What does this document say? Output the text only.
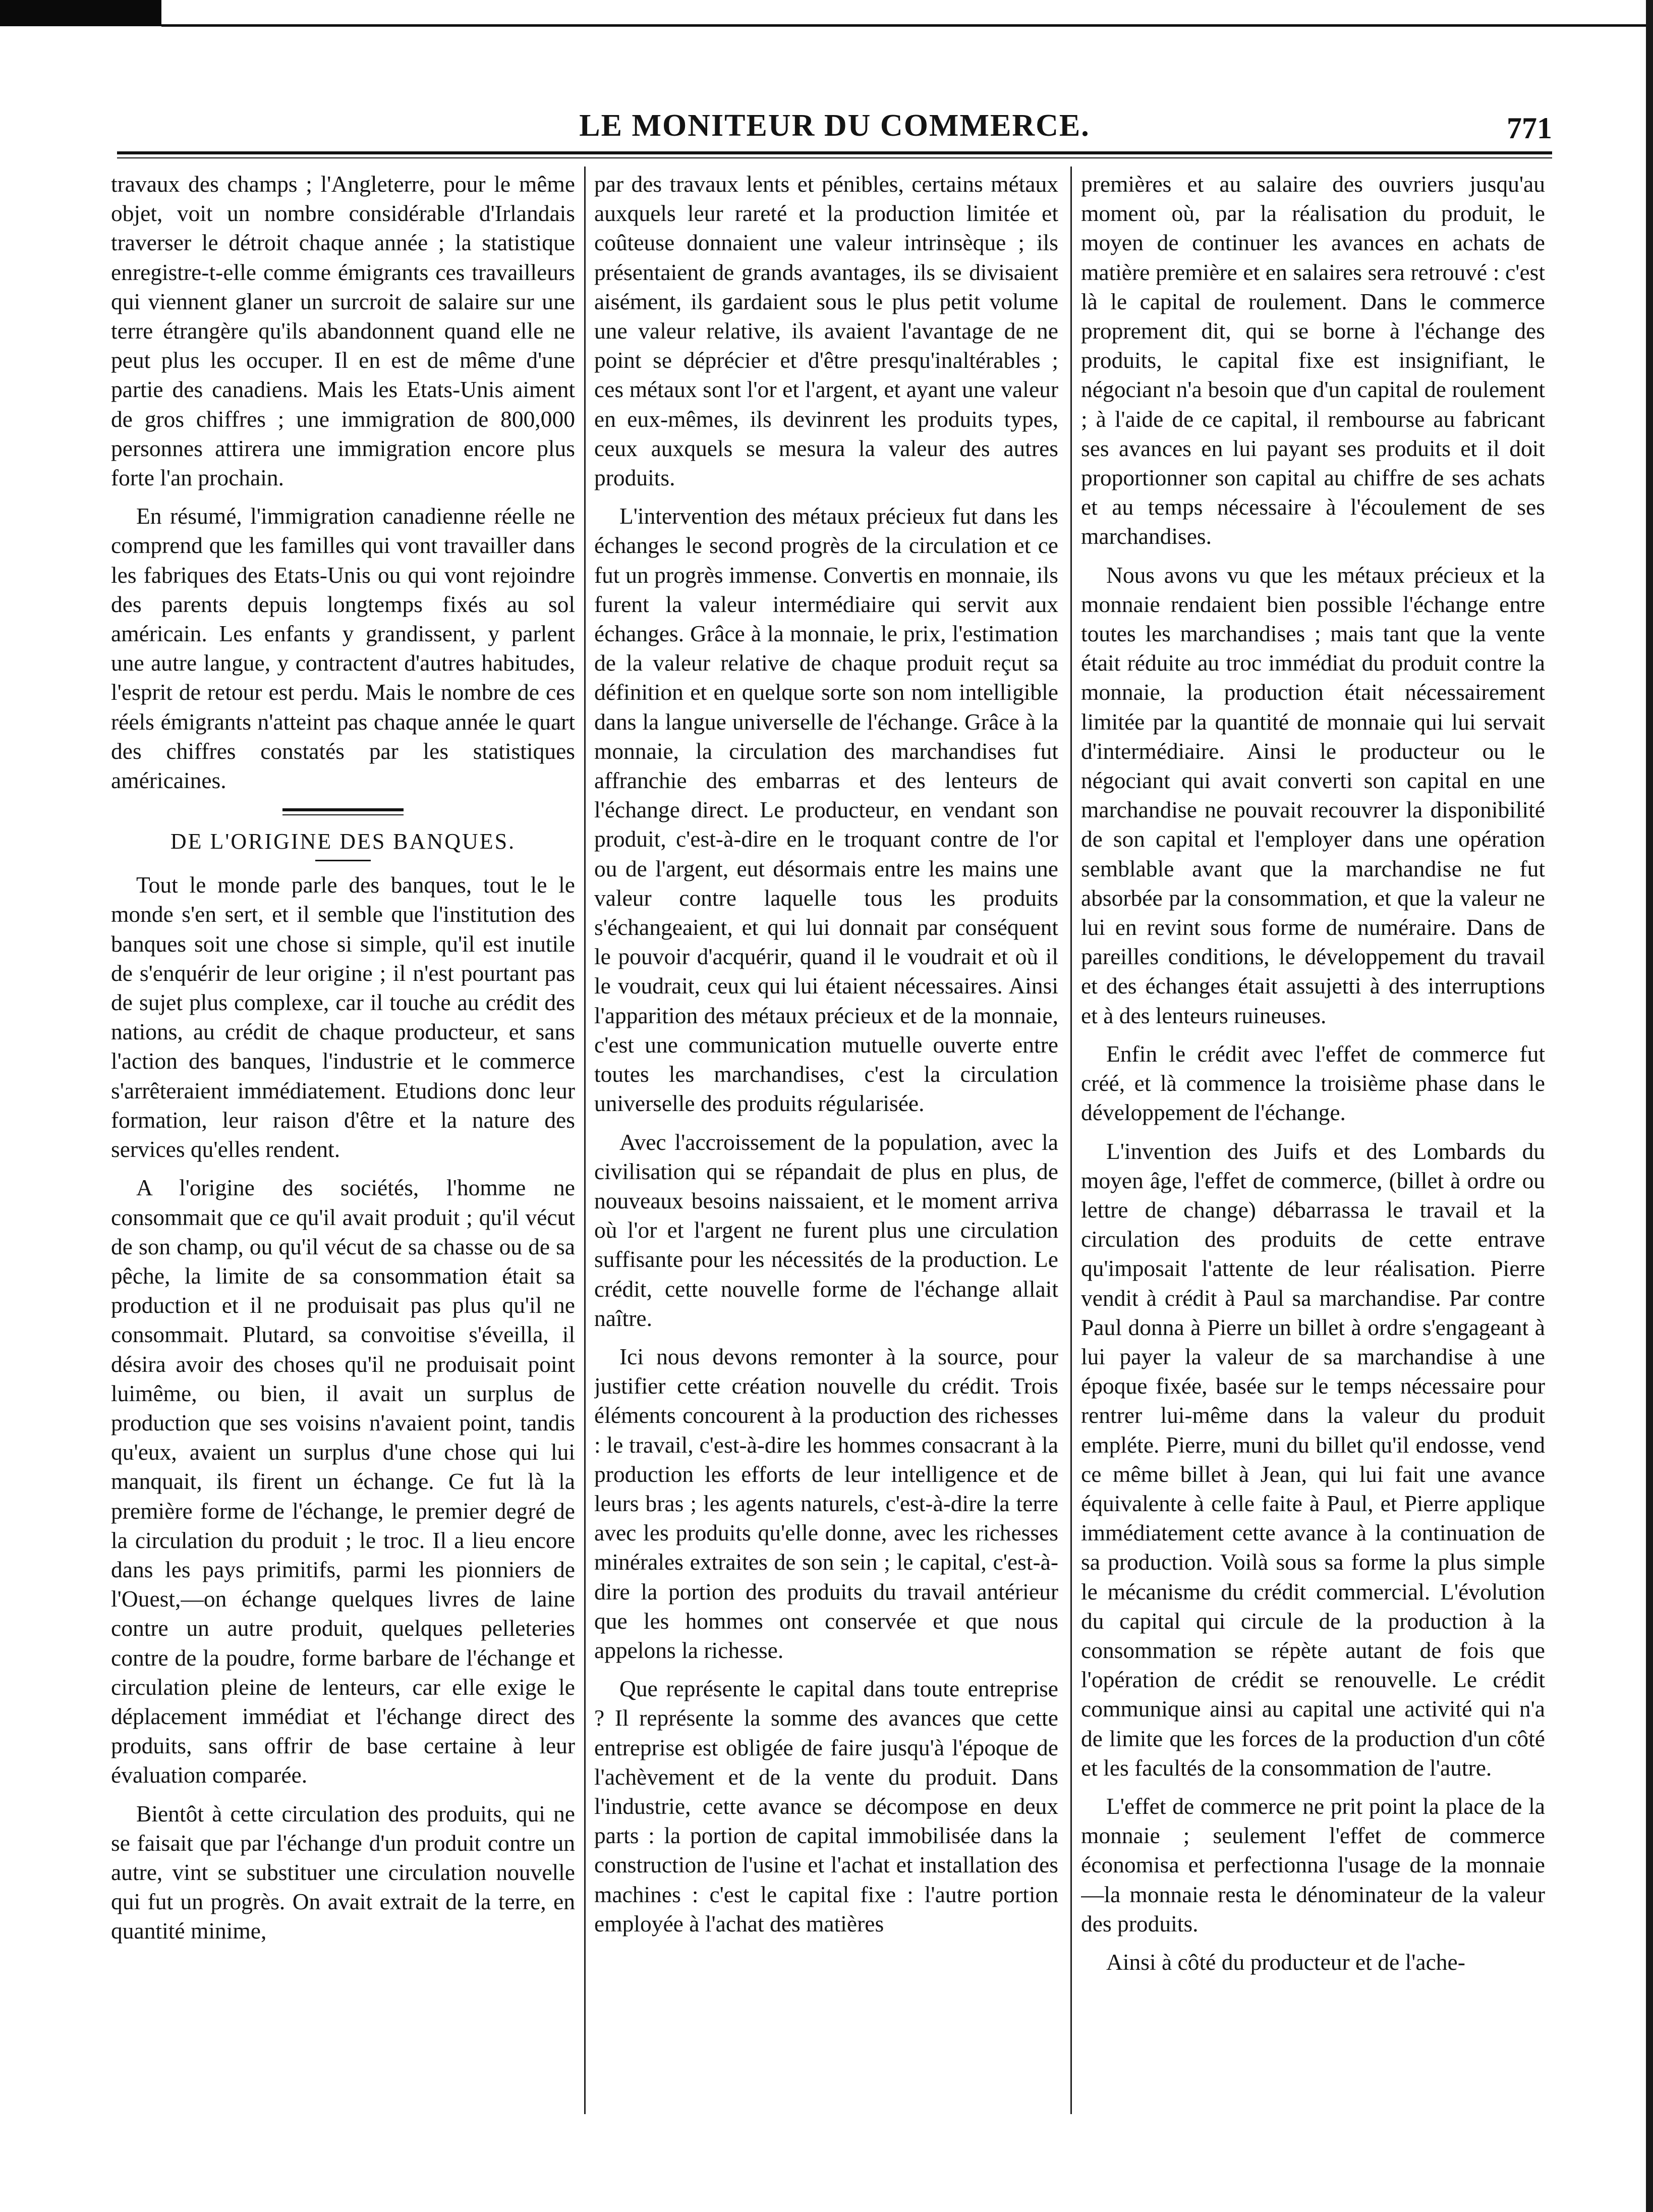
LE MONITEUR DU COMMERCE.	771

travaux des champs ; l'Angleterre, pour le même objet, voit un nombre considérable d'Irlandais traverser le détroit chaque année ; la statistique enregistre-t-elle comme émigrants ces travailleurs qui viennent glaner un surcroit de salaire sur une terre étrangère qu'ils abandonnent quand elle ne peut plus les occuper. Il en est de même d'une partie des canadiens. Mais les Etats-Unis aiment de gros chiffres ; une immigration de 800,000 personnes attirera une immigration encore plus forte l'an prochain.

En résumé, l'immigration canadienne réelle ne comprend que les familles qui vont travailler dans les fabriques des Etats-Unis ou qui vont rejoindre des parents depuis longtemps fixés au sol américain. Les enfants y grandissent, y parlent une autre langue, y contractent d'autres habitudes, l'esprit de retour est perdu. Mais le nombre de ces réels émigrants n'atteint pas chaque année le quart des chiffres constatés par les statistiques américaines.

DE L'ORIGINE DES BANQUES.

Tout le monde parle des banques, tout le le monde s'en sert, et il semble que l'institution des banques soit une chose si simple, qu'il est inutile de s'enquérir de leur origine ; il n'est pourtant pas de sujet plus complexe, car il touche au crédit des nations, au crédit de chaque producteur, et sans l'action des banques, l'industrie et le commerce s'arrêteraient immédiatement. Etudions donc leur formation, leur raison d'être et la nature des services qu'elles rendent.

A l'origine des sociétés, l'homme ne consommait que ce qu'il avait produit ; qu'il vécut de son champ, ou qu'il vécut de sa chasse ou de sa pêche, la limite de sa consommation était sa production et il ne produisait pas plus qu'il ne consommait. Plutard, sa convoitise s'éveilla, il désira avoir des choses qu'il ne produisait point luimême, ou bien, il avait un surplus de production que ses voisins n'avaient point, tandis qu'eux, avaient un surplus d'une chose qui lui manquait, ils firent un échange. Ce fut là la première forme de l'échange, le premier degré de la circulation du produit ; le troc. Il a lieu encore dans les pays primitifs, parmi les pionniers de l'Ouest,—on échange quelques livres de laine contre un autre produit, quelques pelleteries contre de la poudre, forme barbare de l'échange et circulation pleine de lenteurs, car elle exige le déplacement immédiat et l'échange direct des produits, sans offrir de base certaine à leur évaluation comparée.

Bientôt à cette circulation des produits, qui ne se faisait que par l'échange d'un produit contre un autre, vint se substituer une circulation nouvelle qui fut un progrès. On avait extrait de la terre, en quantité minime,

par des travaux lents et pénibles, certains métaux auxquels leur rareté et la production limitée et coûteuse donnaient une valeur intrinsèque ; ils présentaient de grands avantages, ils se divisaient aisément, ils gardaient sous le plus petit volume une valeur relative, ils avaient l'avantage de ne point se déprécier et d'être presqu'inaltérables ; ces métaux sont l'or et l'argent, et ayant une valeur en eux-mêmes, ils devinrent les produits types, ceux auxquels se mesura la valeur des autres produits.

L'intervention des métaux précieux fut dans les échanges le second progrès de la circulation et ce fut un progrès immense. Convertis en monnaie, ils furent la valeur intermédiaire qui servit aux échanges. Grâce à la monnaie, le prix, l'estimation de la valeur relative de chaque produit reçut sa définition et en quelque sorte son nom intelligible dans la langue universelle de l'échange. Grâce à la monnaie, la circulation des marchandises fut affranchie des embarras et des lenteurs de l'échange direct. Le producteur, en vendant son produit, c'est-à-dire en le troquant contre de l'or ou de l'argent, eut désormais entre les mains une valeur contre laquelle tous les produits s'échangeaient, et qui lui donnait par conséquent le pouvoir d'acquérir, quand il le voudrait et où il le voudrait, ceux qui lui étaient nécessaires. Ainsi l'apparition des métaux précieux et de la monnaie, c'est une communication mutuelle ouverte entre toutes les marchandises, c'est la circulation universelle des produits régularisée.

Avec l'accroissement de la population, avec la civilisation qui se répandait de plus en plus, de nouveaux besoins naissaient, et le moment arriva où l'or et l'argent ne furent plus une circulation suffisante pour les nécessités de la production. Le crédit, cette nouvelle forme de l'échange allait naître.

Ici nous devons remonter à la source, pour justifier cette création nouvelle du crédit. Trois éléments concourent à la production des richesses : le travail, c'est-à-dire les hommes consacrant à la production les efforts de leur intelligence et de leurs bras ; les agents naturels, c'est-à-dire la terre avec les produits qu'elle donne, avec les richesses minérales extraites de son sein ; le capital, c'est-à-dire la portion des produits du travail antérieur que les hommes ont conservée et que nous appelons la richesse.

Que représente le capital dans toute entreprise ? Il représente la somme des avances que cette entreprise est obligée de faire jusqu'à l'époque de l'achèvement et de la vente du produit. Dans l'industrie, cette avance se décompose en deux parts : la portion de capital immobilisée dans la construction de l'usine et l'achat et installation des machines : c'est le capital fixe : l'autre portion employée à l'achat des matières

premières et au salaire des ouvriers jusqu'au moment où, par la réalisation du produit, le moyen de continuer les avances en achats de matière première et en salaires sera retrouvé : c'est là le capital de roulement. Dans le commerce proprement dit, qui se borne à l'échange des produits, le capital fixe est insignifiant, le négociant n'a besoin que d'un capital de roulement ; à l'aide de ce capital, il rembourse au fabricant ses avances en lui payant ses produits et il doit proportionner son capital au chiffre de ses achats et au temps nécessaire à l'écoulement de ses marchandises.

Nous avons vu que les métaux précieux et la monnaie rendaient bien possible l'échange entre toutes les marchandises ; mais tant que la vente était réduite au troc immédiat du produit contre la monnaie, la production était nécessairement limitée par la quantité de monnaie qui lui servait d'intermédiaire. Ainsi le producteur ou le négociant qui avait converti son capital en une marchandise ne pouvait recouvrer la disponibilité de son capital et l'employer dans une opération semblable avant que la marchandise ne fut absorbée par la consommation, et que la valeur ne lui en revint sous forme de numéraire. Dans de pareilles conditions, le développement du travail et des échanges était assujetti à des interruptions et à des lenteurs ruineuses.

Enfin le crédit avec l'effet de commerce fut créé, et là commence la troisième phase dans le développement de l'échange.

L'invention des Juifs et des Lombards du moyen âge, l'effet de commerce, (billet à ordre ou lettre de change) débarrassa le travail et la circulation des produits de cette entrave qu'imposait l'attente de leur réalisation. Pierre vendit à crédit à Paul sa marchandise. Par contre Paul donna à Pierre un billet à ordre s'engageant à lui payer la valeur de sa marchandise à une époque fixée, basée sur le temps nécessaire pour rentrer lui-même dans la valeur du produit empléte. Pierre, muni du billet qu'il endosse, vend ce même billet à Jean, qui lui fait une avance équivalente à celle faite à Paul, et Pierre applique immédiatement cette avance à la continuation de sa production. Voilà sous sa forme la plus simple le mécanisme du crédit commercial. L'évolution du capital qui circule de la production à la consommation se répète autant de fois que l'opération de crédit se renouvelle. Le crédit communique ainsi au capital une activité qui n'a de limite que les forces de la production d'un côté et les facultés de la consommation de l'autre.

L'effet de commerce ne prit point la place de la monnaie ; seulement l'effet de commerce économisa et perfectionna l'usage de la monnaie—la monnaie resta le dénominateur de la valeur des produits.

Ainsi à côté du producteur et de l'ache-
